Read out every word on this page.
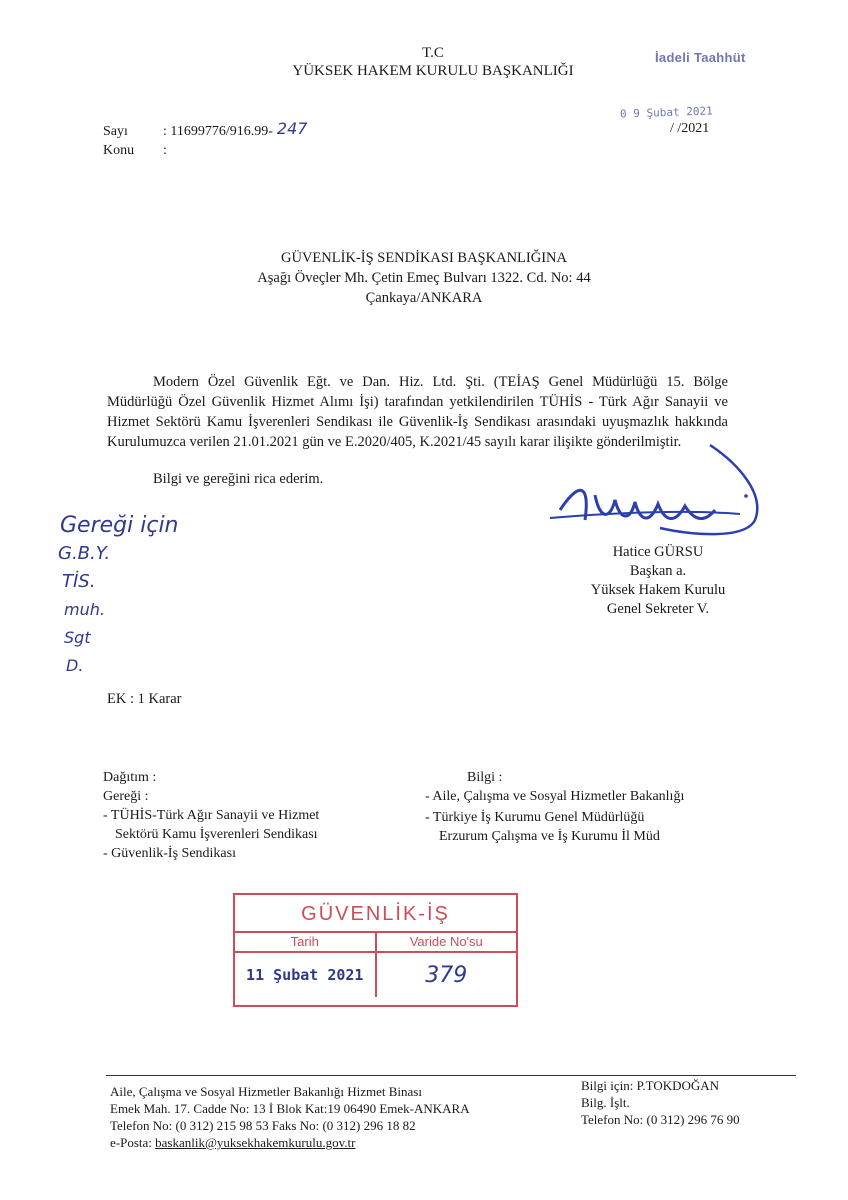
T.C
YÜKSEK HAKEM KURULU BAŞKANLIĞI
İadeli Taahhüt
Sayı	: 11699776/916.99- 247
Konu	:
0 9 Şubat 2021
/ /2021
GÜVENLİK-İŞ SENDİKASI BAŞKANLIĞINA
Aşağı Öveçler Mh. Çetin Emeç Bulvarı 1322. Cd. No: 44
Çankaya/ANKARA

Modern Özel Güvenlik Eğt. ve Dan. Hiz. Ltd. Şti. (TEİAŞ Genel Müdürlüğü 15. Bölge Müdürlüğü Özel Güvenlik Hizmet Alımı İşi) tarafından yetkilendirilen TÜHİS - Türk Ağır Sanayii ve Hizmet Sektörü Kamu İşverenleri Sendikası ile Güvenlik-İş Sendikası arasındaki uyuşmazlık hakkında Kurulumuzca verilen 21.01.2021 gün ve E.2020/405, K.2021/45 sayılı karar ilişikte gönderilmiştir.

Bilgi ve gereğini rica ederim.
Hatice GÜRSU
Başkan a.
Yüksek Hakem Kurulu
Genel Sekreter V.
Gereği için
G.B.Y.
TİS.
muh.
Sgt
D.
EK : 1 Karar
Dağıtım :
Gereği :
- TÜHİS-Türk Ağır Sanayii ve Hizmet
Sektörü Kamu İşverenleri Sendikası
- Güvenlik-İş Sendikası
Bilgi :
- Aile, Çalışma ve Sosyal Hizmetler Bakanlığı
- Türkiye İş Kurumu Genel Müdürlüğü
Erzurum Çalışma ve İş Kurumu İl Müd
GÜVENLİK-İŞ
Tarih	Varide No'su
11 Şubat 2021	379
Aile, Çalışma ve Sosyal Hizmetler Bakanlığı Hizmet Binası
Emek Mah. 17. Cadde No: 13 İ Blok Kat:19 06490 Emek-ANKARA
Telefon No: (0 312) 215 98 53 Faks No: (0 312) 296 18 82
e-Posta: baskanlik@yuksekhakemkurulu.gov.tr
Bilgi için: P.TOKDOĞAN
Bilg. İşlt.
Telefon No: (0 312) 296 76 90
